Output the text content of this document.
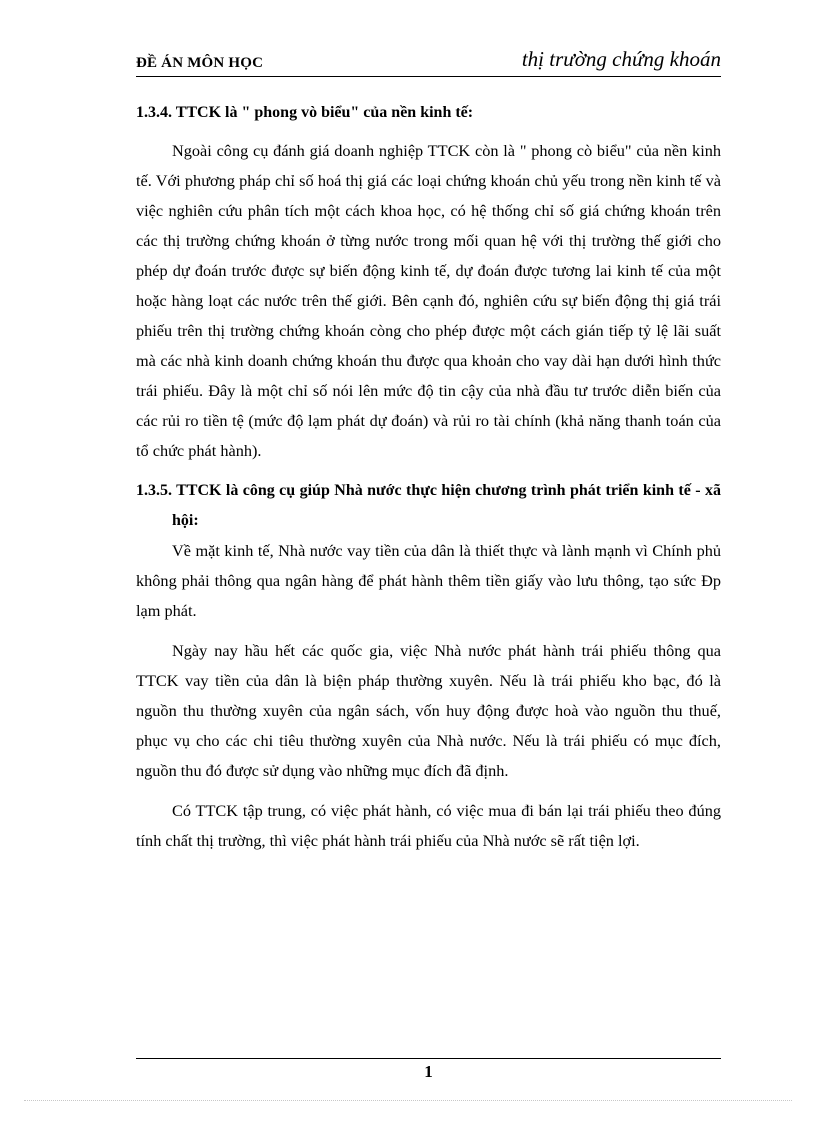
ĐỀ ÁN MÔN HỌC	thị trường chứng khoán

1.3.4. TTCK là " phong vò biểu" của nền kinh tế:

Ngoài công cụ đánh giá doanh nghiệp TTCK còn là " phong cò biểu" của nền kinh tế. Với phương pháp chỉ số hoá thị giá các loại chứng khoán chủ yếu trong nền kinh tế và việc nghiên cứu phân tích một cách khoa học, có hệ thống chỉ số giá chứng khoán trên các thị trường chứng khoán ở từng nước trong mối quan hệ với thị trường thế giới cho phép dự đoán trước được sự biến động kinh tế, dự đoán được tương lai kinh tế của một hoặc hàng loạt các nước trên thế giới. Bên cạnh đó, nghiên cứu sự biến động thị giá trái phiếu trên thị trường chứng khoán còng cho phép được một cách gián tiếp tỷ lệ lãi suất mà các nhà kinh doanh chứng khoán thu được qua khoản cho vay dài hạn dưới hình thức trái phiếu. Đây là một chỉ số nói lên mức độ tin cậy của nhà đầu tư trước diễn biến của các rủi ro tiền tệ (mức độ lạm phát dự đoán) và rủi ro tài chính (khả năng thanh toán của tổ chức phát hành).

1.3.5. TTCK là công cụ giúp Nhà nước thực hiện chương trình phát triển kinh tế - xã hội:

Về mặt kinh tế, Nhà nước vay tiền của dân là thiết thực và lành mạnh vì Chính phủ không phải thông qua ngân hàng để phát hành thêm tiền giấy vào lưu thông, tạo sức Ðp lạm phát.

Ngày nay hầu hết các quốc gia, việc Nhà nước phát hành trái phiếu thông qua TTCK vay tiền của dân là biện pháp thường xuyên. Nếu là trái phiếu kho bạc, đó là nguồn thu thường xuyên của ngân sách, vốn huy động được hoà vào nguồn thu thuế, phục vụ cho các chi tiêu thường xuyên của Nhà nước. Nếu là trái phiếu có mục đích, nguồn thu đó được sử dụng vào những mục đích đã định.

Có TTCK tập trung, có việc phát hành, có việc mua đi bán lại trái phiếu theo đúng tính chất thị trường, thì việc phát hành trái phiếu của Nhà nước sẽ rất tiện lợi.

1
